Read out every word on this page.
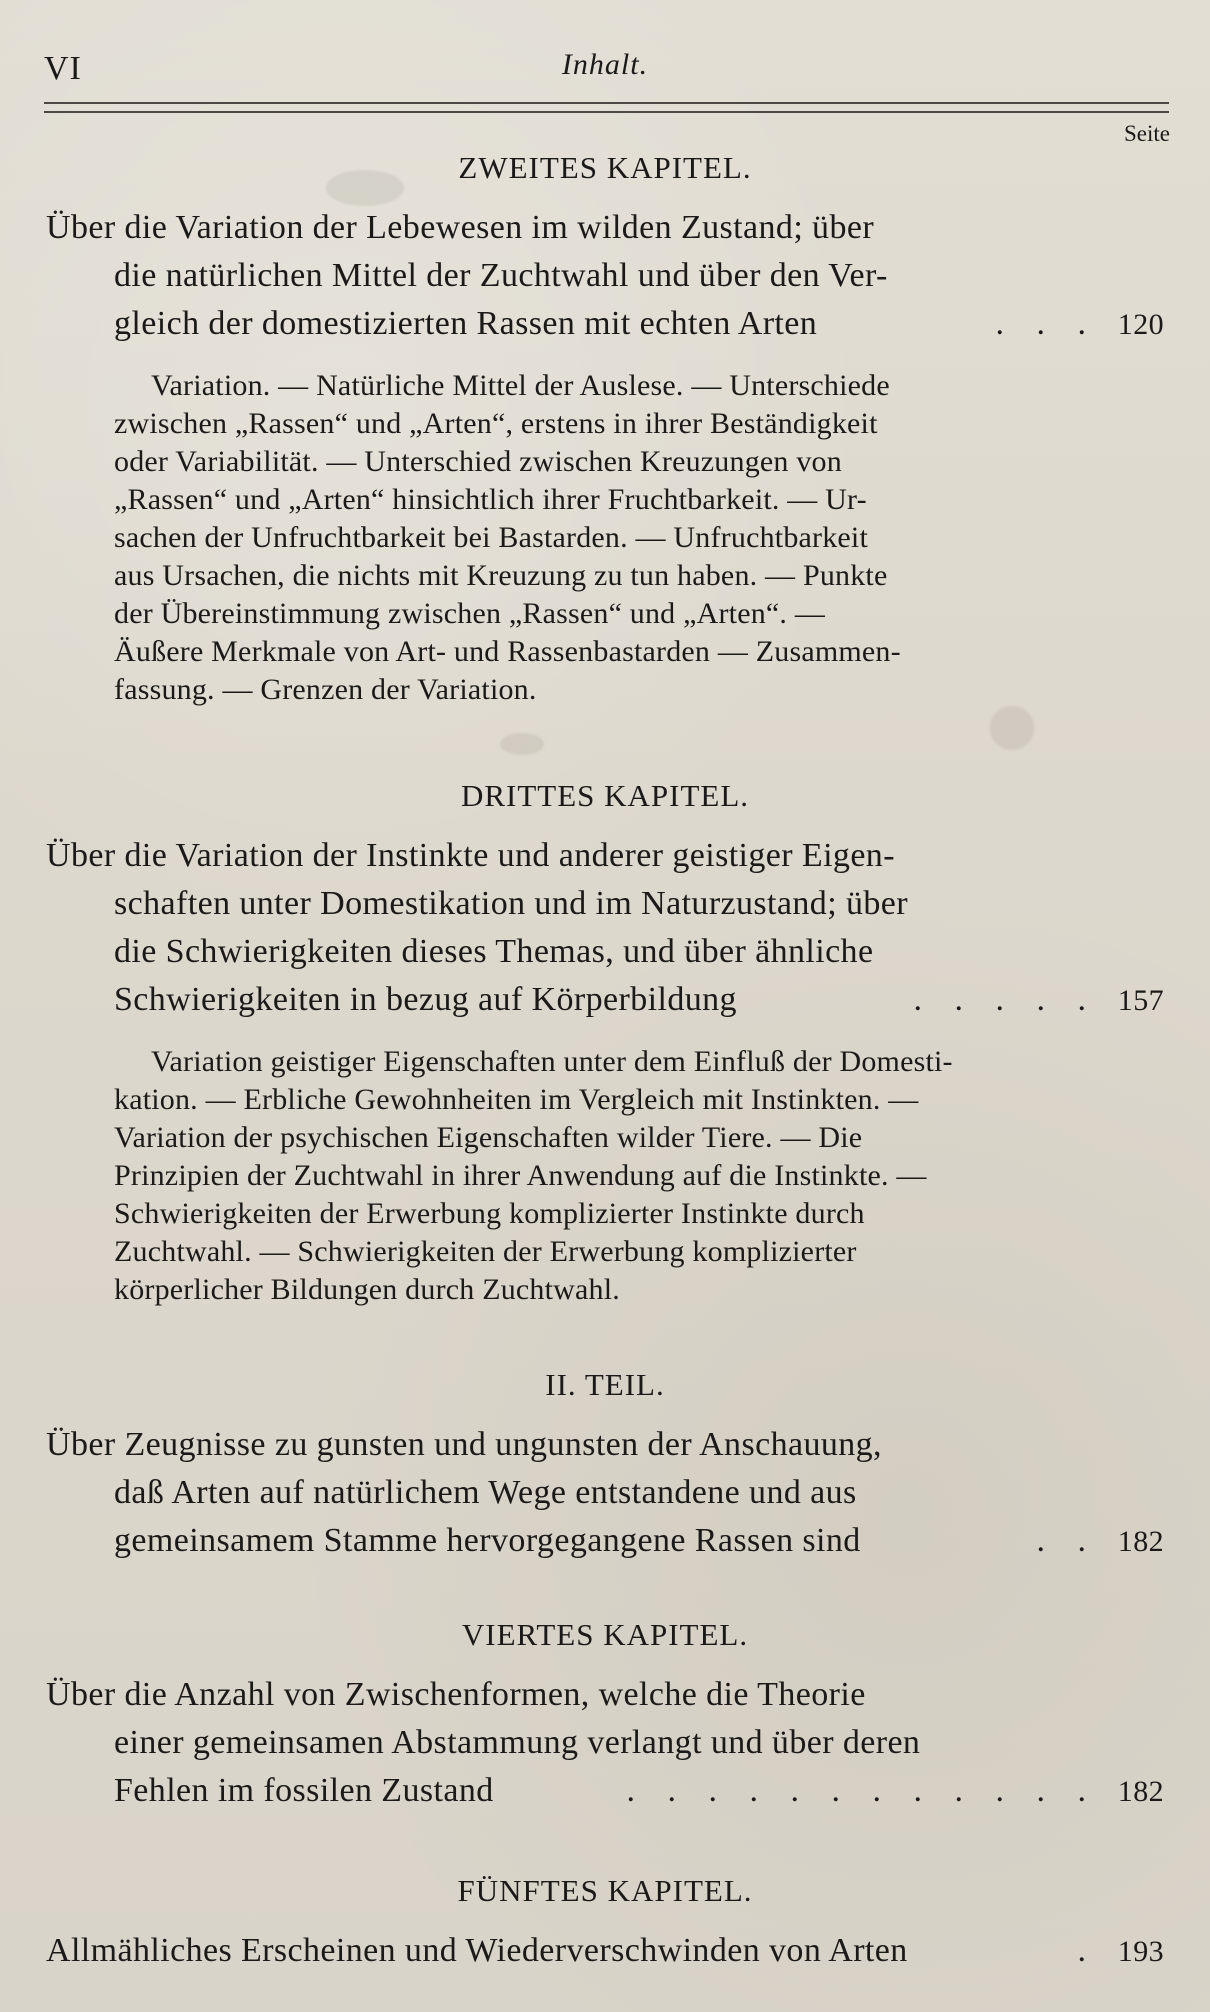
VI	Inhalt.
Seite
ZWEITES KAPITEL.
Über die Variation der Lebewesen im wilden Zustand; über
die natürlichen Mittel der Zuchtwahl und über den Ver-
gleich der domestizierten Rassen mit echten Arten	. . . 120
Variation. — Natürliche Mittel der Auslese. — Unterschiede
zwischen „Rassen“ und „Arten“, erstens in ihrer Beständigkeit
oder Variabilität. — Unterschied zwischen Kreuzungen von
„Rassen“ und „Arten“ hinsichtlich ihrer Fruchtbarkeit. — Ur-
sachen der Unfruchtbarkeit bei Bastarden. — Unfruchtbarkeit
aus Ursachen, die nichts mit Kreuzung zu tun haben. — Punkte
der Übereinstimmung zwischen „Rassen“ und „Arten“. —
Äußere Merkmale von Art- und Rassenbastarden — Zusammen-
fassung. — Grenzen der Variation.
DRITTES KAPITEL.
Über die Variation der Instinkte und anderer geistiger Eigen-
schaften unter Domestikation und im Naturzustand; über
die Schwierigkeiten dieses Themas, und über ähnliche
Schwierigkeiten in bezug auf Körperbildung	. . . . . 157
Variation geistiger Eigenschaften unter dem Einfluß der Domesti-
kation. — Erbliche Gewohnheiten im Vergleich mit Instinkten. —
Variation der psychischen Eigenschaften wilder Tiere. — Die
Prinzipien der Zuchtwahl in ihrer Anwendung auf die Instinkte. —
Schwierigkeiten der Erwerbung komplizierter Instinkte durch
Zuchtwahl. — Schwierigkeiten der Erwerbung komplizierter
körperlicher Bildungen durch Zuchtwahl.
II. TEIL.
Über Zeugnisse zu gunsten und ungunsten der Anschauung,
daß Arten auf natürlichem Wege entstandene und aus
gemeinsamem Stamme hervorgegangene Rassen sind	. . 182
VIERTES KAPITEL.
Über die Anzahl von Zwischenformen, welche die Theorie
einer gemeinsamen Abstammung verlangt und über deren
Fehlen im fossilen Zustand	. . . . . . . . . . . . 182
FÜNFTES KAPITEL.
Allmähliches Erscheinen und Wiederverschwinden von Arten	. 193
